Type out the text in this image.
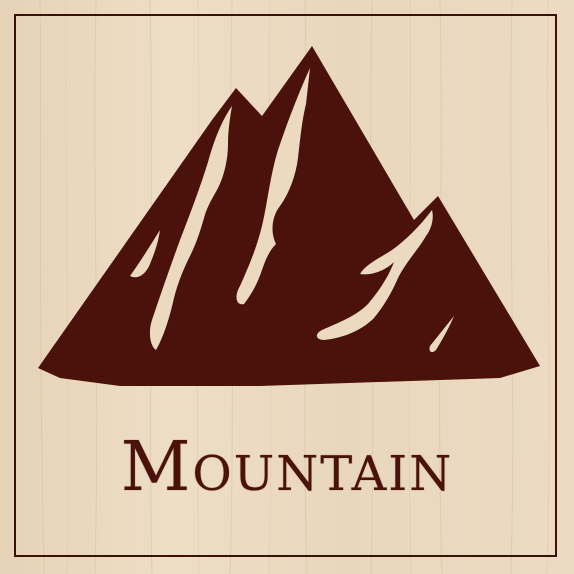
Mountain
